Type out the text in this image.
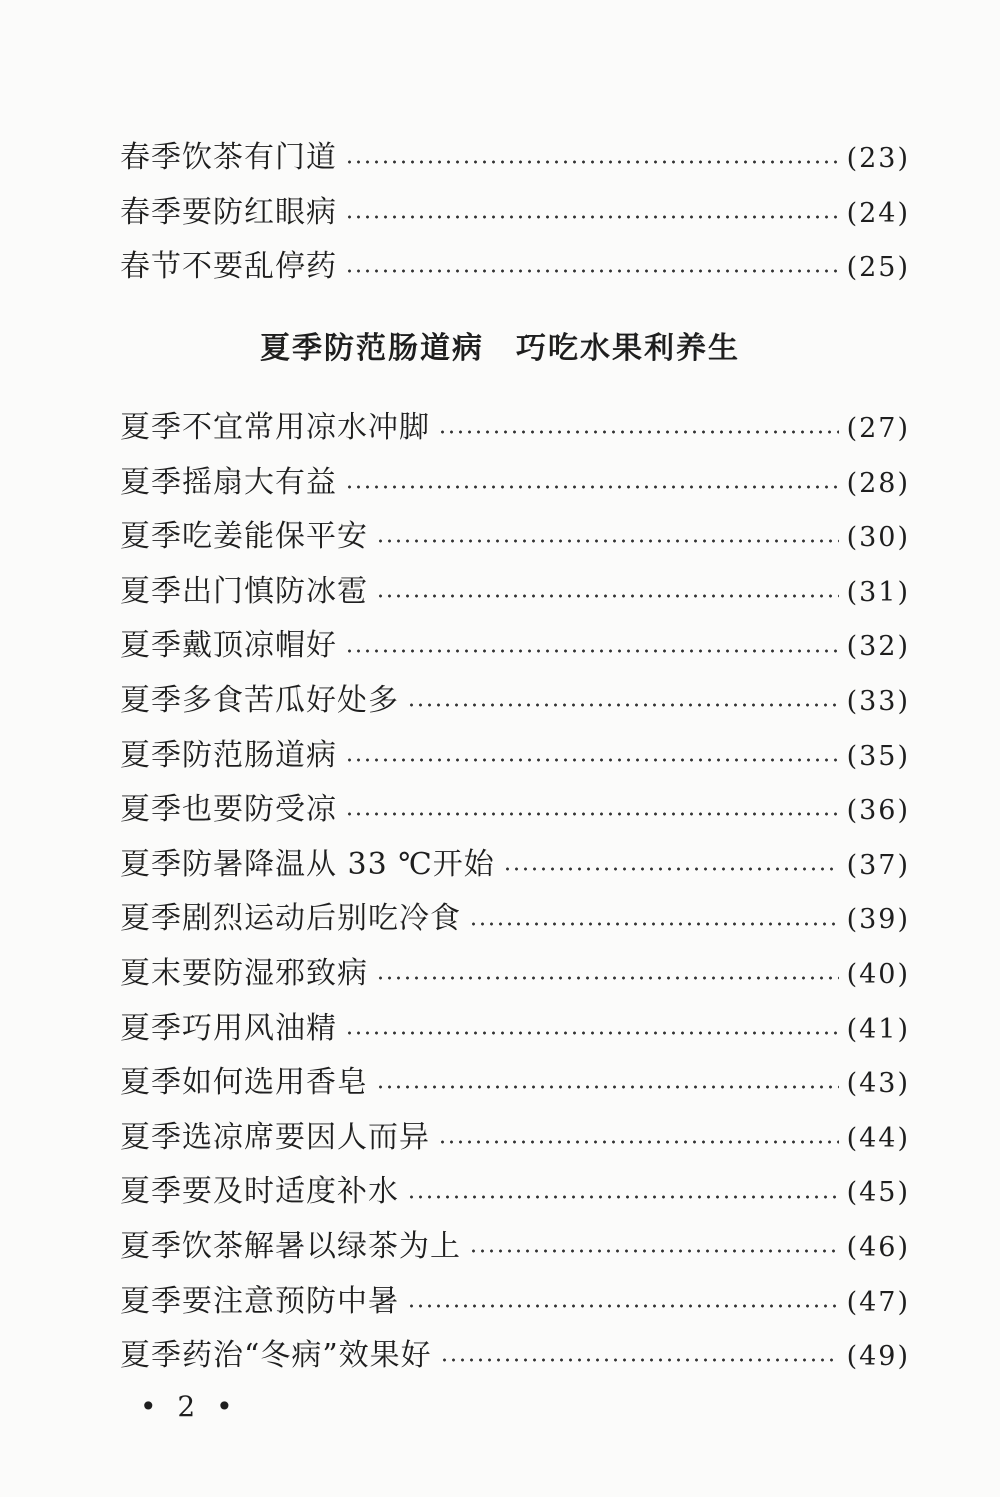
春季饮茶有门道	(23)
春季要防红眼病	(24)
春节不要乱停药	(25)
夏季防范肠道病　巧吃水果利养生
夏季不宜常用凉水冲脚	(27)
夏季摇扇大有益	(28)
夏季吃姜能保平安	(30)
夏季出门慎防冰雹	(31)
夏季戴顶凉帽好	(32)
夏季多食苦瓜好处多	(33)
夏季防范肠道病	(35)
夏季也要防受凉	(36)
夏季防暑降温从 33 ℃开始	(37)
夏季剧烈运动后别吃冷食	(39)
夏末要防湿邪致病	(40)
夏季巧用风油精	(41)
夏季如何选用香皂	(43)
夏季选凉席要因人而异	(44)
夏季要及时适度补水	(45)
夏季饮茶解暑以绿茶为上	(46)
夏季要注意预防中暑	(47)
夏季药治“冬病”效果好	(49)
• 2 •
